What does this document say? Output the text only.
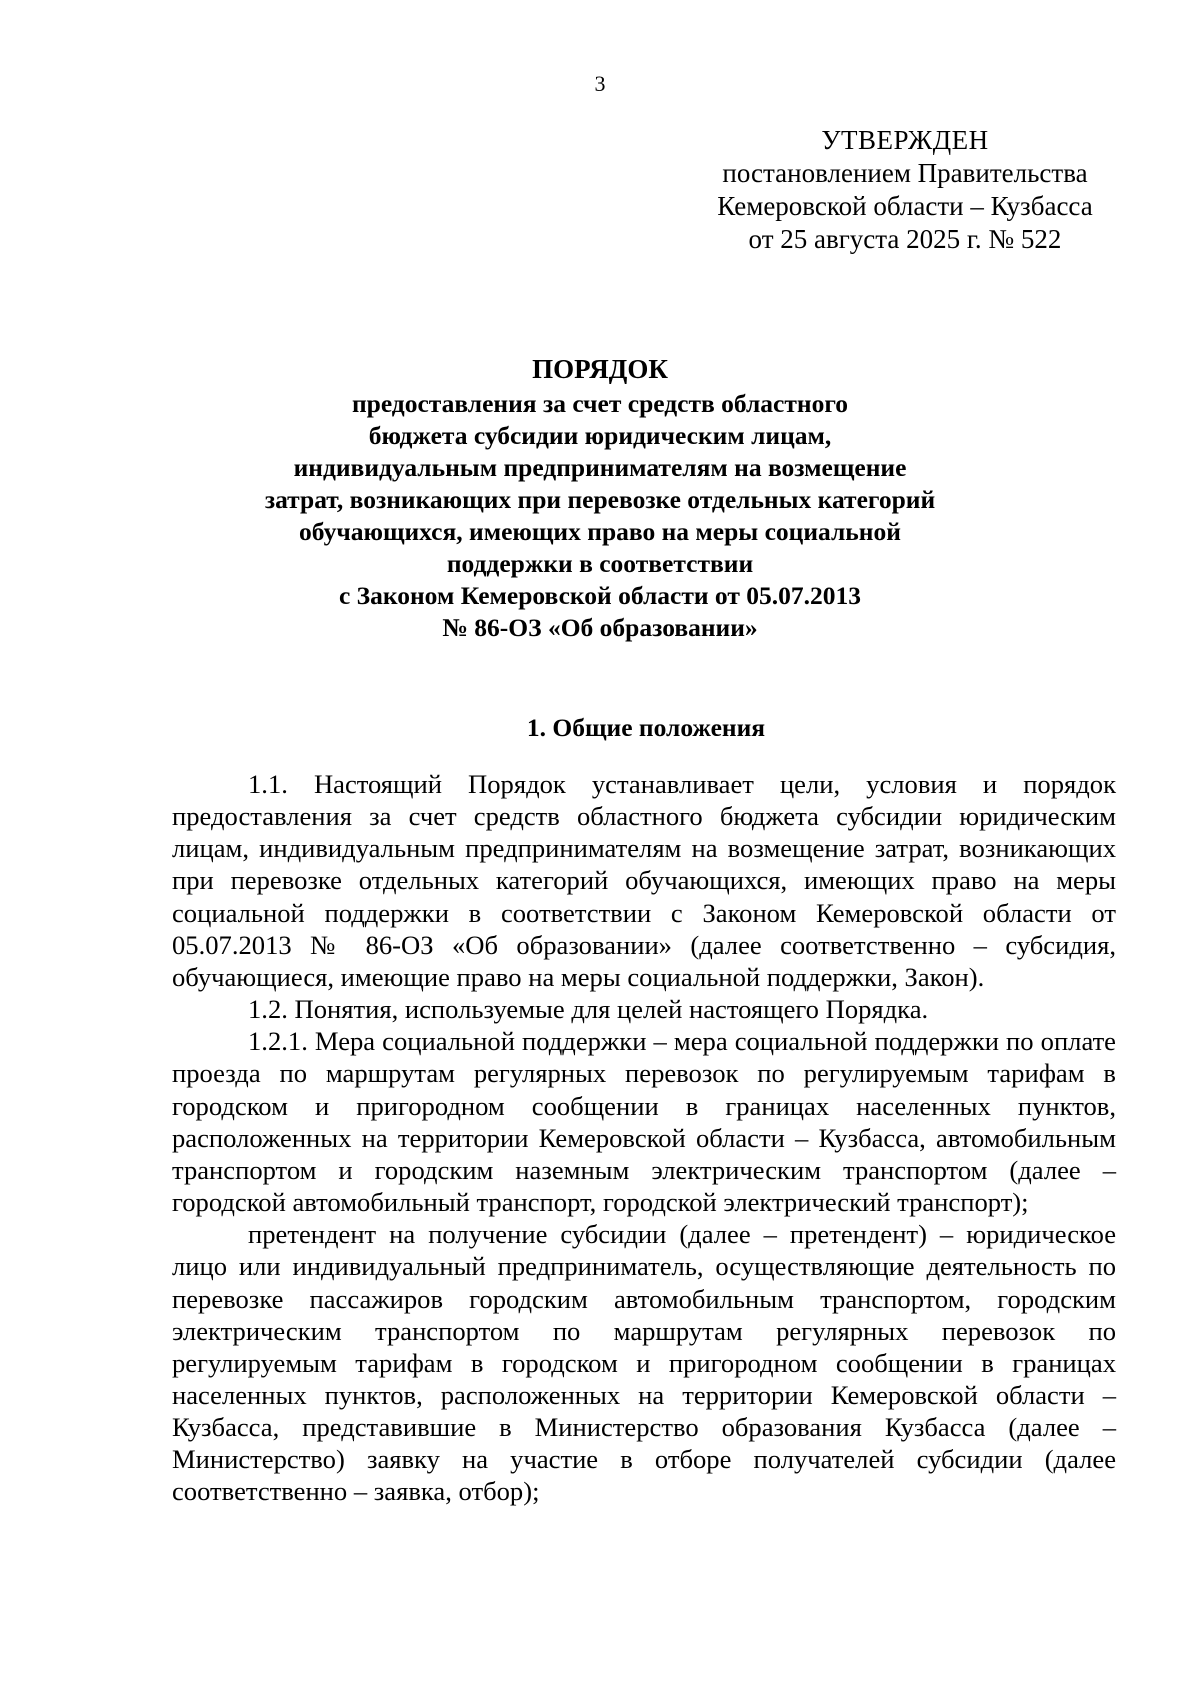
3
УТВЕРЖДЕН
постановлением Правительства
Кемеровской области – Кузбасса
от 25 августа 2025 г. № 522
ПОРЯДОК
предоставления за счет средств областного
бюджета субсидии юридическим лицам,
индивидуальным предпринимателям на возмещение
затрат, возникающих при перевозке отдельных категорий
обучающихся, имеющих право на меры социальной
поддержки в соответствии
с Законом Кемеровской области от 05.07.2013
№ 86-ОЗ «Об образовании»
1. Общие положения

1.1. Настоящий Порядок устанавливает цели, условия и порядок предоставления за счет средств областного бюджета субсидии юридическим лицам, индивидуальным предпринимателям на возмещение затрат, возникающих при перевозке отдельных категорий обучающихся, имеющих право на меры социальной поддержки в соответствии с Законом Кемеровской области от 05.07.2013 № 86-ОЗ «Об образовании» (далее соответственно – субсидия, обучающиеся, имеющие право на меры социальной поддержки, Закон).

1.2. Понятия, используемые для целей настоящего Порядка.

1.2.1. Мера социальной поддержки – мера социальной поддержки по оплате проезда по маршрутам регулярных перевозок по регулируемым тарифам в городском и пригородном сообщении в границах населенных пунктов, расположенных на территории Кемеровской области – Кузбасса, автомобильным транспортом и городским наземным электрическим транспортом (далее – городской автомобильный транспорт, городской электрический транспорт);

претендент на получение субсидии (далее – претендент) – юридическое лицо или индивидуальный предприниматель, осуществляющие деятельность по перевозке пассажиров городским автомобильным транспортом, городским электрическим транспортом по маршрутам регулярных перевозок по регулируемым тарифам в городском и пригородном сообщении в границах населенных пунктов, расположенных на территории Кемеровской области – Кузбасса, представившие в Министерство образования Кузбасса (далее – Министерство) заявку на участие в отборе получателей субсидии (далее соответственно – заявка, отбор);
